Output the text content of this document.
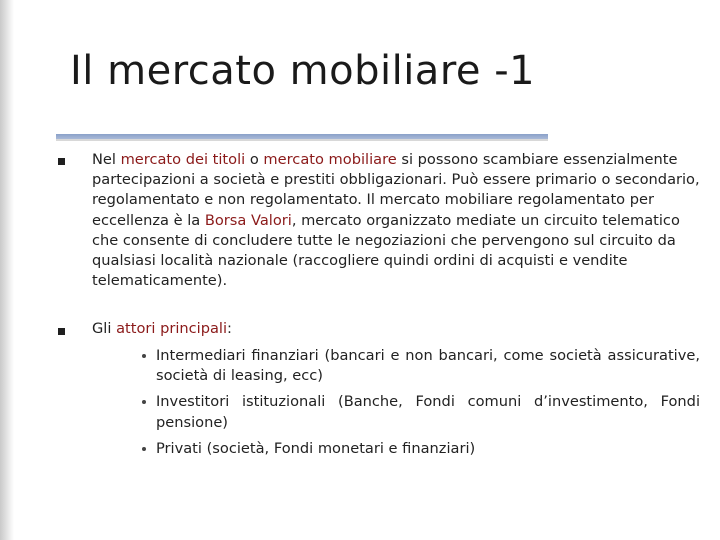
Il mercato mobiliare -1

Nel mercato dei titoli o mercato mobiliare si possono scambiare essenzialmente partecipazioni a società e prestiti obbligazionari. Può essere primario o secondario, regolamentato e non regolamentato. Il mercato mobiliare regolamentato per eccellenza è la Borsa Valori, mercato organizzato mediate un circuito telematico che consente di concludere tutte le negoziazioni che pervengono sul circuito da qualsiasi località nazionale (raccogliere quindi ordini di acquisti e vendite telematicamente).

Gli attori principali:

Intermediari finanziari (bancari e non bancari, come società assicurative, società di leasing, ecc)
Investitori istituzionali (Banche, Fondi comuni d’investimento, Fondi pensione)
Privati (società, Fondi monetari e finanziari)
